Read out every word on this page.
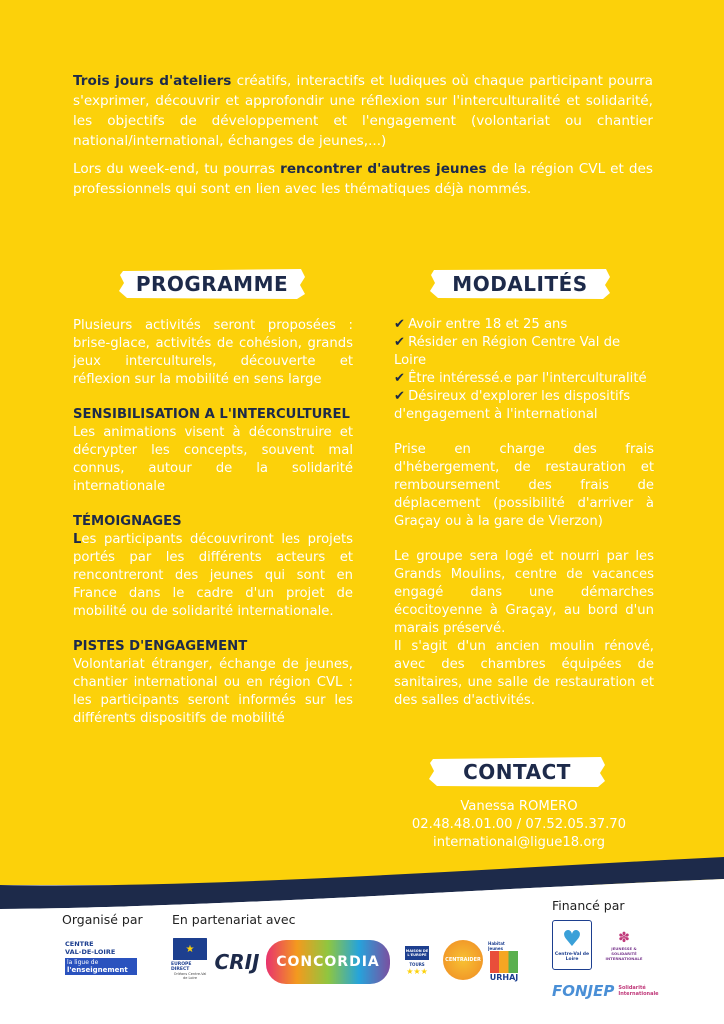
Trois jours d'ateliers créatifs, interactifs et ludiques où chaque participant pourra s'exprimer, découvrir et approfondir une réflexion sur l'interculturalité et solidarité, les objectifs de développement et l'engagement (volontariat ou chantier national/international, échanges de jeunes,...)

Lors du week-end, tu pourras rencontrer d'autres jeunes de la région CVL et des professionnels qui sont en lien avec les thématiques déjà nommés.

PROGRAMME	MODALITÉS

Plusieurs activités seront proposées : brise-glace, activités de cohésion, grands jeux interculturels, découverte et réflexion sur la mobilité en sens large

SENSIBILISATION A L'INTERCULTUREL

Les animations visent à déconstruire et décrypter les concepts, souvent mal connus, autour de la solidarité internationale

TÉMOIGNAGES

Les participants découvriront les projets portés par les différents acteurs et rencontreront des jeunes qui sont en France dans le cadre d'un projet de mobilité ou de solidarité internationale.

PISTES D'ENGAGEMENT

Volontariat étranger, échange de jeunes, chantier international ou en région CVL : les participants seront informés sur les différents dispositifs de mobilité

✔ Avoir entre 18 et 25 ans
✔ Résider en Région Centre Val de Loire
✔ Être intéressé.e par l'interculturalité
✔ Désireux d'explorer les dispositifs d'engagement à l'international

Prise en charge des frais d'hébergement, de restauration et remboursement des frais de déplacement (possibilité d'arriver à Graçay ou à la gare de Vierzon)

Le groupe sera logé et nourri par les Grands Moulins, centre de vacances engagé dans une démarches écocitoyenne à Graçay, au bord d'un marais préservé.

Il s'agit d'un ancien moulin rénové, avec des chambres équipées de sanitaires, une salle de restauration et des salles d'activités.

CONTACT
Vanessa ROMERO
02.48.48.01.00 / 07.52.05.37.70
international@ligue18.org
Organisé par En partenariat avec
Financé par
CENTRE
VAL-DE-LOIRE
la ligue de
l'enseignement
★
EUROPE DIRECT
Orléans Centre-Val de Loire
CRIJ CONCORDIA
MAISON DE L'EUROPE
TOURS
★★★
CENTRAIDER
Habitat Jeunes
URHAJ
♥
Centre-Val de Loire
✽
JEUNESSE & SOLIDARITÉ INTERNATIONALE
FONJEP Solidarité Internationale
